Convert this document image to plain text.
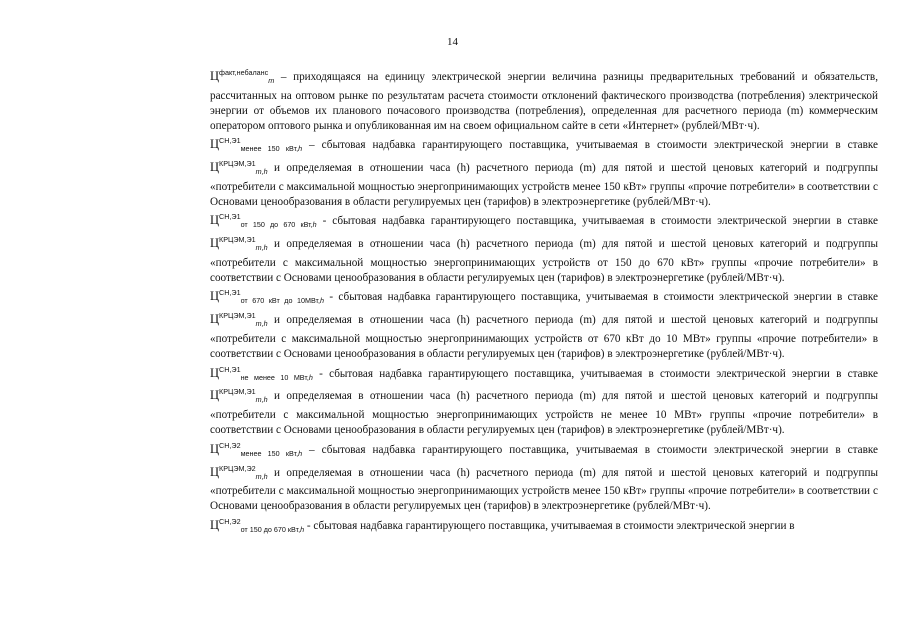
14

$Ц^{факт,небаланс}_m$ – приходящаяся на единицу электрической энергии величина разницы предварительных требований и обязательств, рассчитанных на оптовом рынке по результатам расчета стоимости отклонений фактического производства (потребления) электрической энергии от объемов их планового почасового производства (потребления), определенная для расчетного периода (m) коммерческим оператором оптового рынка и опубликованная им на своем официальном сайте в сети «Интернет» (рублей/МВт·ч).

$Ц^{СН,Э1}_{менее 150 кВт,h}$ – сбытовая надбавка гарантирующего поставщика, учитываемая в стоимости электрической энергии в ставке $Ц^{КРЦЭМ,Э1}_{m,h}$ и определяемая в отношении часа (h) расчетного периода (m) для пятой и шестой ценовых категорий и подгруппы «потребители с максимальной мощностью энергопринимающих устройств менее 150 кВт» группы «прочие потребители» в соответствии с Основами ценообразования в области регулируемых цен (тарифов) в электроэнергетике (рублей/МВт·ч).

$Ц^{СН,Э1}_{от 150 до 670 кВт,h}$ - сбытовая надбавка гарантирующего поставщика, учитываемая в стоимости электрической энергии в ставке $Ц^{КРЦЭМ,Э1}_{m,h}$ и определяемая в отношении часа (h) расчетного периода (m) для пятой и шестой ценовых категорий и подгруппы «потребители с максимальной мощностью энергопринимающих устройств от 150 до 670 кВт» группы «прочие потребители» в соответствии с Основами ценообразования в области регулируемых цен (тарифов) в электроэнергетике (рублей/МВт·ч).

$Ц^{СН,Э1}_{от 670 кВт до 10МВт,h}$ - сбытовая надбавка гарантирующего поставщика, учитываемая в стоимости электрической энергии в ставке $Ц^{КРЦЭМ,Э1}_{m,h}$ и определяемая в отношении часа (h) расчетного периода (m) для пятой и шестой ценовых категорий и подгруппы «потребители с максимальной мощностью энергопринимающих устройств от 670 кВт до 10 МВт» группы «прочие потребители» в соответствии с Основами ценообразования в области регулируемых цен (тарифов) в электроэнергетике (рублей/МВт·ч).

$Ц^{СН,Э1}_{не менее 10 МВт,h}$ - сбытовая надбавка гарантирующего поставщика, учитываемая в стоимости электрической энергии в ставке $Ц^{КРЦЭМ,Э1}_{m,h}$ и определяемая в отношении часа (h) расчетного периода (m) для пятой и шестой ценовых категорий и подгруппы «потребители с максимальной мощностью энергопринимающих устройств не менее 10 МВт» группы «прочие потребители» в соответствии с Основами ценообразования в области регулируемых цен (тарифов) в электроэнергетике (рублей/МВт·ч).

$Ц^{СН,Э2}_{менее 150 кВт,h}$ – сбытовая надбавка гарантирующего поставщика, учитываемая в стоимости электрической энергии в ставке $Ц^{КРЦЭМ,Э2}_{m,h}$ и определяемая в отношении часа (h) расчетного периода (m) для пятой и шестой ценовых категорий и подгруппы «потребители с максимальной мощностью энергопринимающих устройств менее 150 кВт» группы «прочие потребители» в соответствии с Основами ценообразования в области регулируемых цен (тарифов) в электроэнергетике (рублей/МВт·ч).

$Ц^{СН,Э2}_{от 150 до 670 кВт,h}$ - сбытовая надбавка гарантирующего поставщика, учитываемая в стоимости электрической энергии в
